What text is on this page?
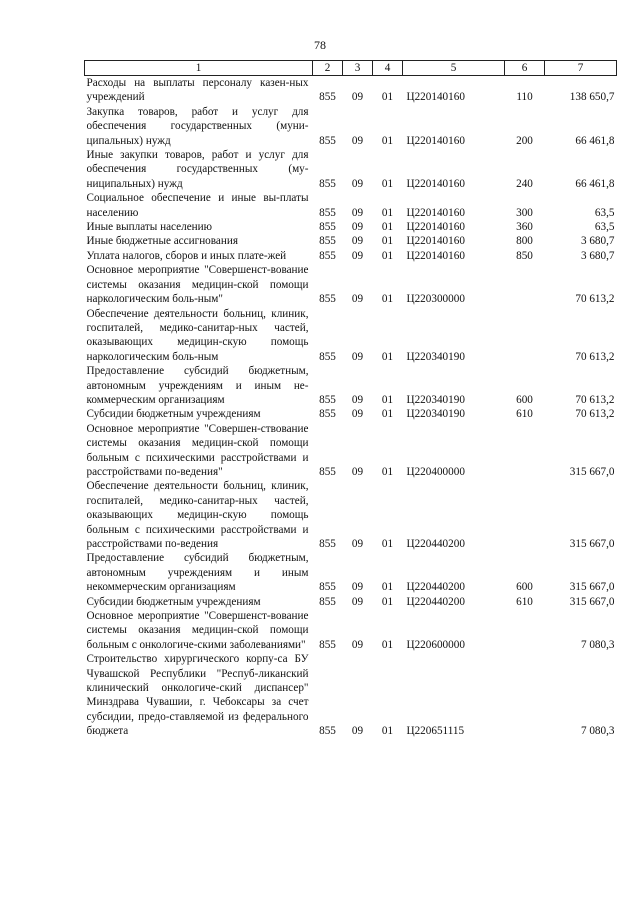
78
1	2	3	4	5	6	7
Расходы на выплаты персоналу казен-ных учреждений	855	09	01	Ц220140160	110	138 650,7
Закупка товаров, работ и услуг для обеспечения государственных (муни-ципальных) нужд	855	09	01	Ц220140160	200	66 461,8
Иные закупки товаров, работ и услуг для обеспечения государственных (му-ниципальных) нужд	855	09	01	Ц220140160	240	66 461,8
Социальное обеспечение и иные вы-платы населению	855	09	01	Ц220140160	300	63,5
Иные выплаты населению	855	09	01	Ц220140160	360	63,5
Иные бюджетные ассигнования	855	09	01	Ц220140160	800	3 680,7
Уплата налогов, сборов и иных плате-жей	855	09	01	Ц220140160	850	3 680,7
Основное мероприятие "Совершенст-вование системы оказания медицин-ской помощи наркологическим боль-ным"	855	09	01	Ц220300000		70 613,2
Обеспечение деятельности больниц, клиник, госпиталей, медико-санитар-ных частей, оказывающих медицин-скую помощь наркологическим боль-ным	855	09	01	Ц220340190		70 613,2
Предоставление субсидий бюджетным, автономным учреждениям и иным не-коммерческим организациям	855	09	01	Ц220340190	600	70 613,2
Субсидии бюджетным учреждениям	855	09	01	Ц220340190	610	70 613,2
Основное мероприятие "Совершен-ствование системы оказания медицин-ской помощи больным с психическими расстройствами и расстройствами по-ведения"	855	09	01	Ц220400000		315 667,0
Обеспечение деятельности больниц, клиник, госпиталей, медико-санитар-ных частей, оказывающих медицин-скую помощь больным с психическими расстройствами и расстройствами по-ведения	855	09	01	Ц220440200		315 667,0
Предоставление субсидий бюджетным, автономным учреждениям и иным некоммерческим организациям	855	09	01	Ц220440200	600	315 667,0
Субсидии бюджетным учреждениям	855	09	01	Ц220440200	610	315 667,0
Основное мероприятие "Совершенст-вование системы оказания медицин-ской помощи больным с онкологиче-скими заболеваниями"	855	09	01	Ц220600000		7 080,3
Строительство хирургического корпу-са БУ Чувашской Республики "Респуб-ликанский клинический онкологиче-ский диспансер" Минздрава Чувашии, г. Чебоксары за счет субсидии, предо-ставляемой из федерального бюджета	855	09	01	Ц220651115		7 080,3
